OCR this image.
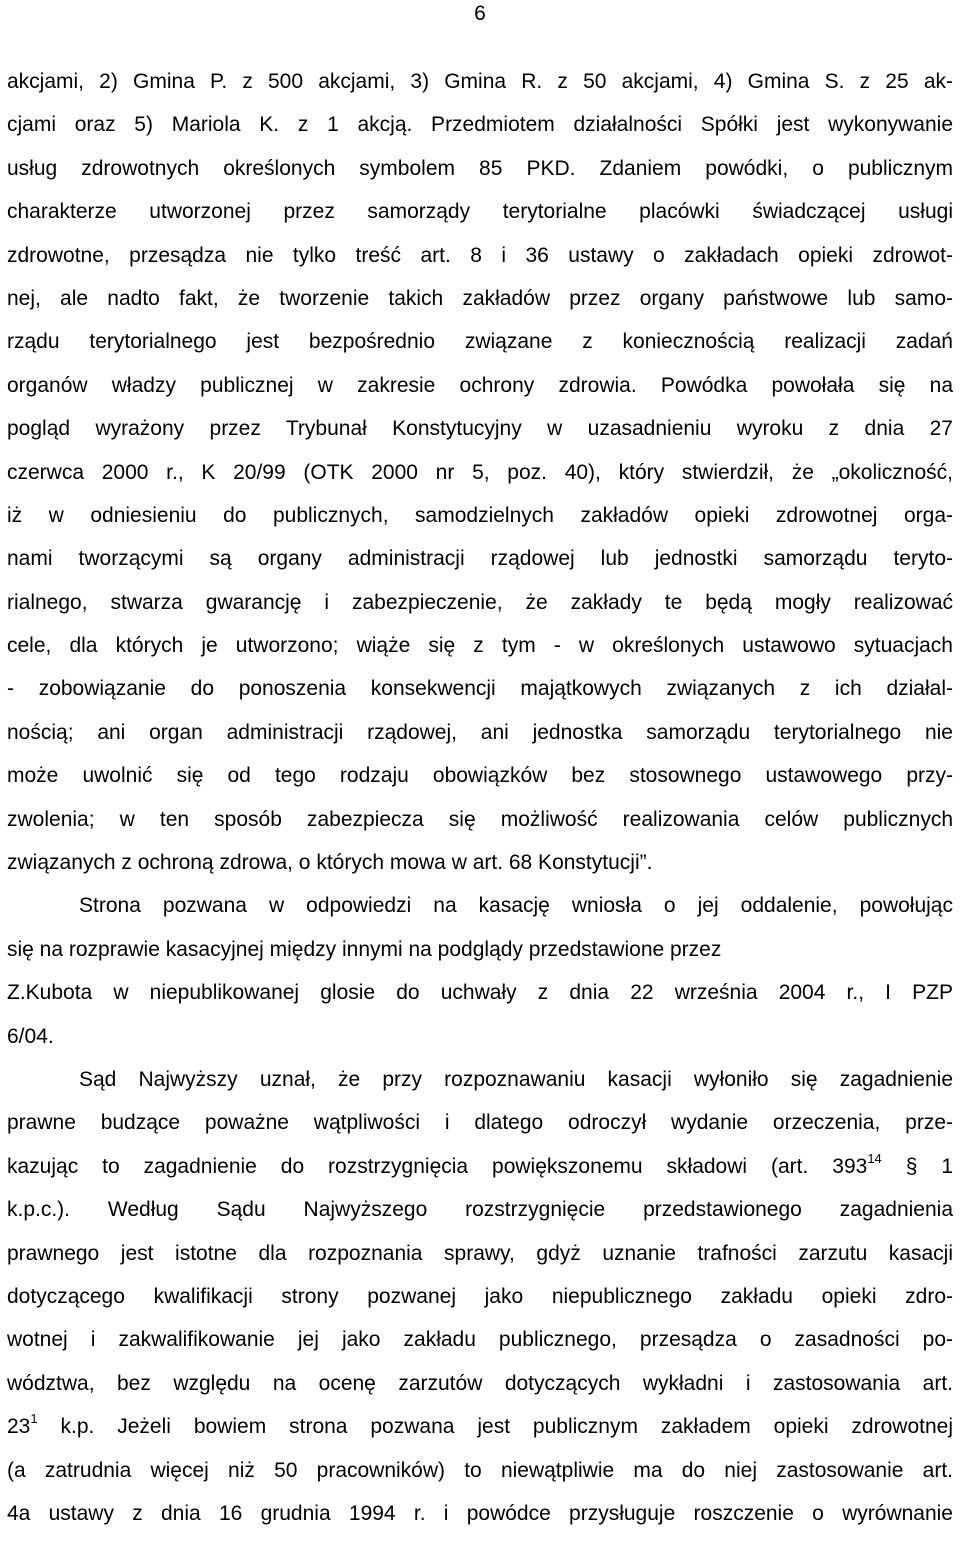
6
akcjami, 2) Gmina P. z 500 akcjami, 3) Gmina R. z 50 akcjami, 4) Gmina S. z 25 ak-
cjami oraz 5) Mariola K. z 1 akcją. Przedmiotem działalności Spółki jest wykonywanie
usług zdrowotnych określonych symbolem 85 PKD. Zdaniem powódki, o publicznym
charakterze utworzonej przez samorządy terytorialne placówki świadczącej usługi
zdrowotne, przesądza nie tylko treść art. 8 i 36 ustawy o zakładach opieki zdrowot-
nej, ale nadto fakt, że tworzenie takich zakładów przez organy państwowe lub samo-
rządu terytorialnego jest bezpośrednio związane z koniecznością realizacji zadań
organów władzy publicznej w zakresie ochrony zdrowia. Powódka powołała się na
pogląd wyrażony przez Trybunał Konstytucyjny w uzasadnieniu wyroku z dnia 27
czerwca 2000 r., K 20/99 (OTK 2000 nr 5, poz. 40), który stwierdził, że „okoliczność,
iż w odniesieniu do publicznych, samodzielnych zakładów opieki zdrowotnej orga-
nami tworzącymi są organy administracji rządowej lub jednostki samorządu teryto-
rialnego, stwarza gwarancję i zabezpieczenie, że zakłady te będą mogły realizować
cele, dla których je utworzono; wiąże się z tym - w określonych ustawowo sytuacjach
- zobowiązanie do ponoszenia konsekwencji majątkowych związanych z ich działal-
nością; ani organ administracji rządowej, ani jednostka samorządu terytorialnego nie
może uwolnić się od tego rodzaju obowiązków bez stosownego ustawowego przy-
zwolenia; w ten sposób zabezpiecza się możliwość realizowania celów publicznych
związanych z ochroną zdrowa, o których mowa w art. 68 Konstytucji”.
Strona pozwana w odpowiedzi na kasację wniosła o jej oddalenie, powołując
się na rozprawie kasacyjnej między innymi na podglądy przedstawione przez
Z.Kubota w niepublikowanej glosie do uchwały z dnia 22 września 2004 r., I PZP
6/04.
Sąd Najwyższy uznał, że przy rozpoznawaniu kasacji wyłoniło się zagadnienie
prawne budzące poważne wątpliwości i dlatego odroczył wydanie orzeczenia, prze-
kazując to zagadnienie do rozstrzygnięcia powiększonemu składowi (art. $393^{14}$ § 1
k.p.c.). Według Sądu Najwyższego rozstrzygnięcie przedstawionego zagadnienia
prawnego jest istotne dla rozpoznania sprawy, gdyż uznanie trafności zarzutu kasacji
dotyczącego kwalifikacji strony pozwanej jako niepublicznego zakładu opieki zdro-
wotnej i zakwalifikowanie jej jako zakładu publicznego, przesądza o zasadności po-
wództwa, bez względu na ocenę zarzutów dotyczących wykładni i zastosowania art.
$23^1$ k.p. Jeżeli bowiem strona pozwana jest publicznym zakładem opieki zdrowotnej
(a zatrudnia więcej niż 50 pracowników) to niewątpliwie ma do niej zastosowanie art.
4a ustawy z dnia 16 grudnia 1994 r. i powódce przysługuje roszczenie o wyrównanie
